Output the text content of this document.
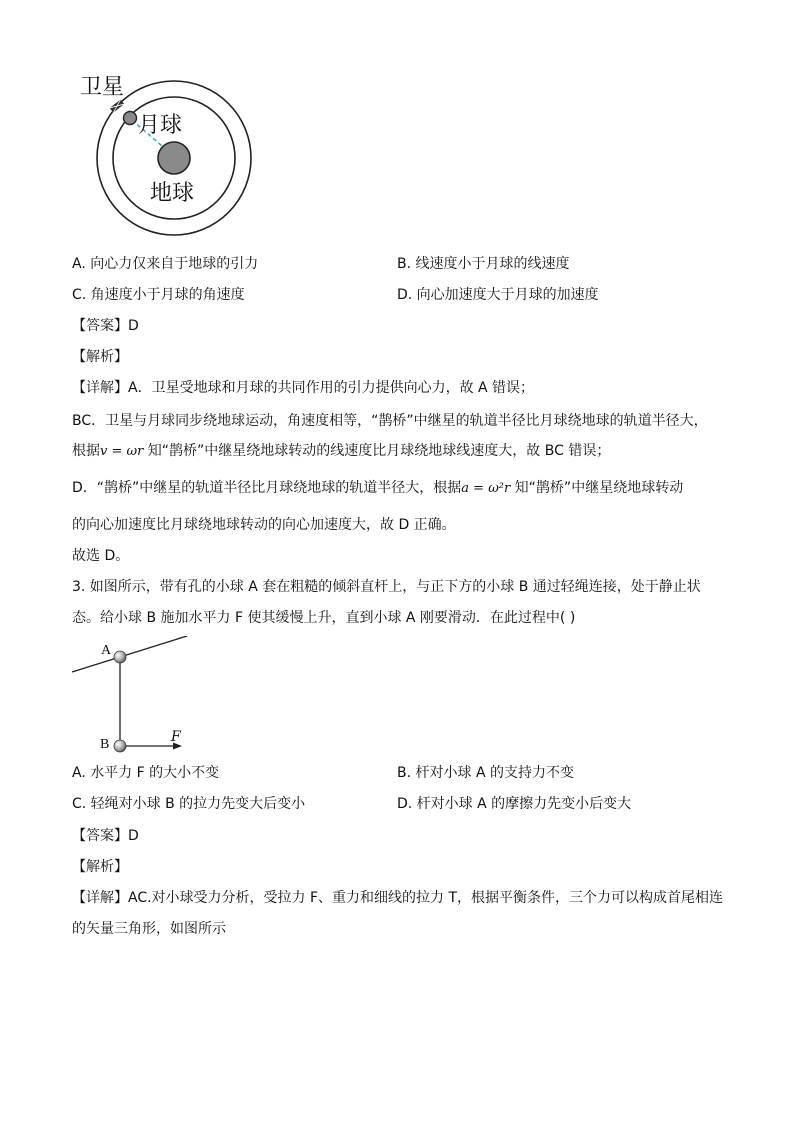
卫星
月球
地球
A. 向心力仅来自于地球的引力	B. 线速度小于月球的线速度
C. 角速度小于月球的角速度	D. 向心加速度大于月球的加速度
【答案】D
【解析】
【详解】A．卫星受地球和月球的共同作用的引力提供向心力，故 A 错误；
BC．卫星与月球同步绕地球运动，角速度相等，“鹊桥”中继星的轨道半径比月球绕地球的轨道半径大，
根据v = ωr 知“鹊桥”中继星绕地球转动的线速度比月球绕地球线速度大，故 BC 错误；
D．“鹊桥”中继星的轨道半径比月球绕地球的轨道半径大，根据a = ω²r 知“鹊桥”中继星绕地球转动
的向心加速度比月球绕地球转动的向心加速度大，故 D 正确。
故选 D。
3. 如图所示，带有孔的小球 A 套在粗糙的倾斜直杆上，与正下方的小球 B 通过轻绳连接，处于静止状
态。给小球 B 施加水平力 F 使其缓慢上升，直到小球 A 刚要滑动．在此过程中( )
A
B	F
A. 水平力 F 的大小不变	B. 杆对小球 A 的支持力不变
C. 轻绳对小球 B 的拉力先变大后变小	D. 杆对小球 A 的摩擦力先变小后变大
【答案】D
【解析】
【详解】AC.对小球受力分析，受拉力 F、重力和细线的拉力 T，根据平衡条件，三个力可以构成首尾相连
的矢量三角形，如图所示
